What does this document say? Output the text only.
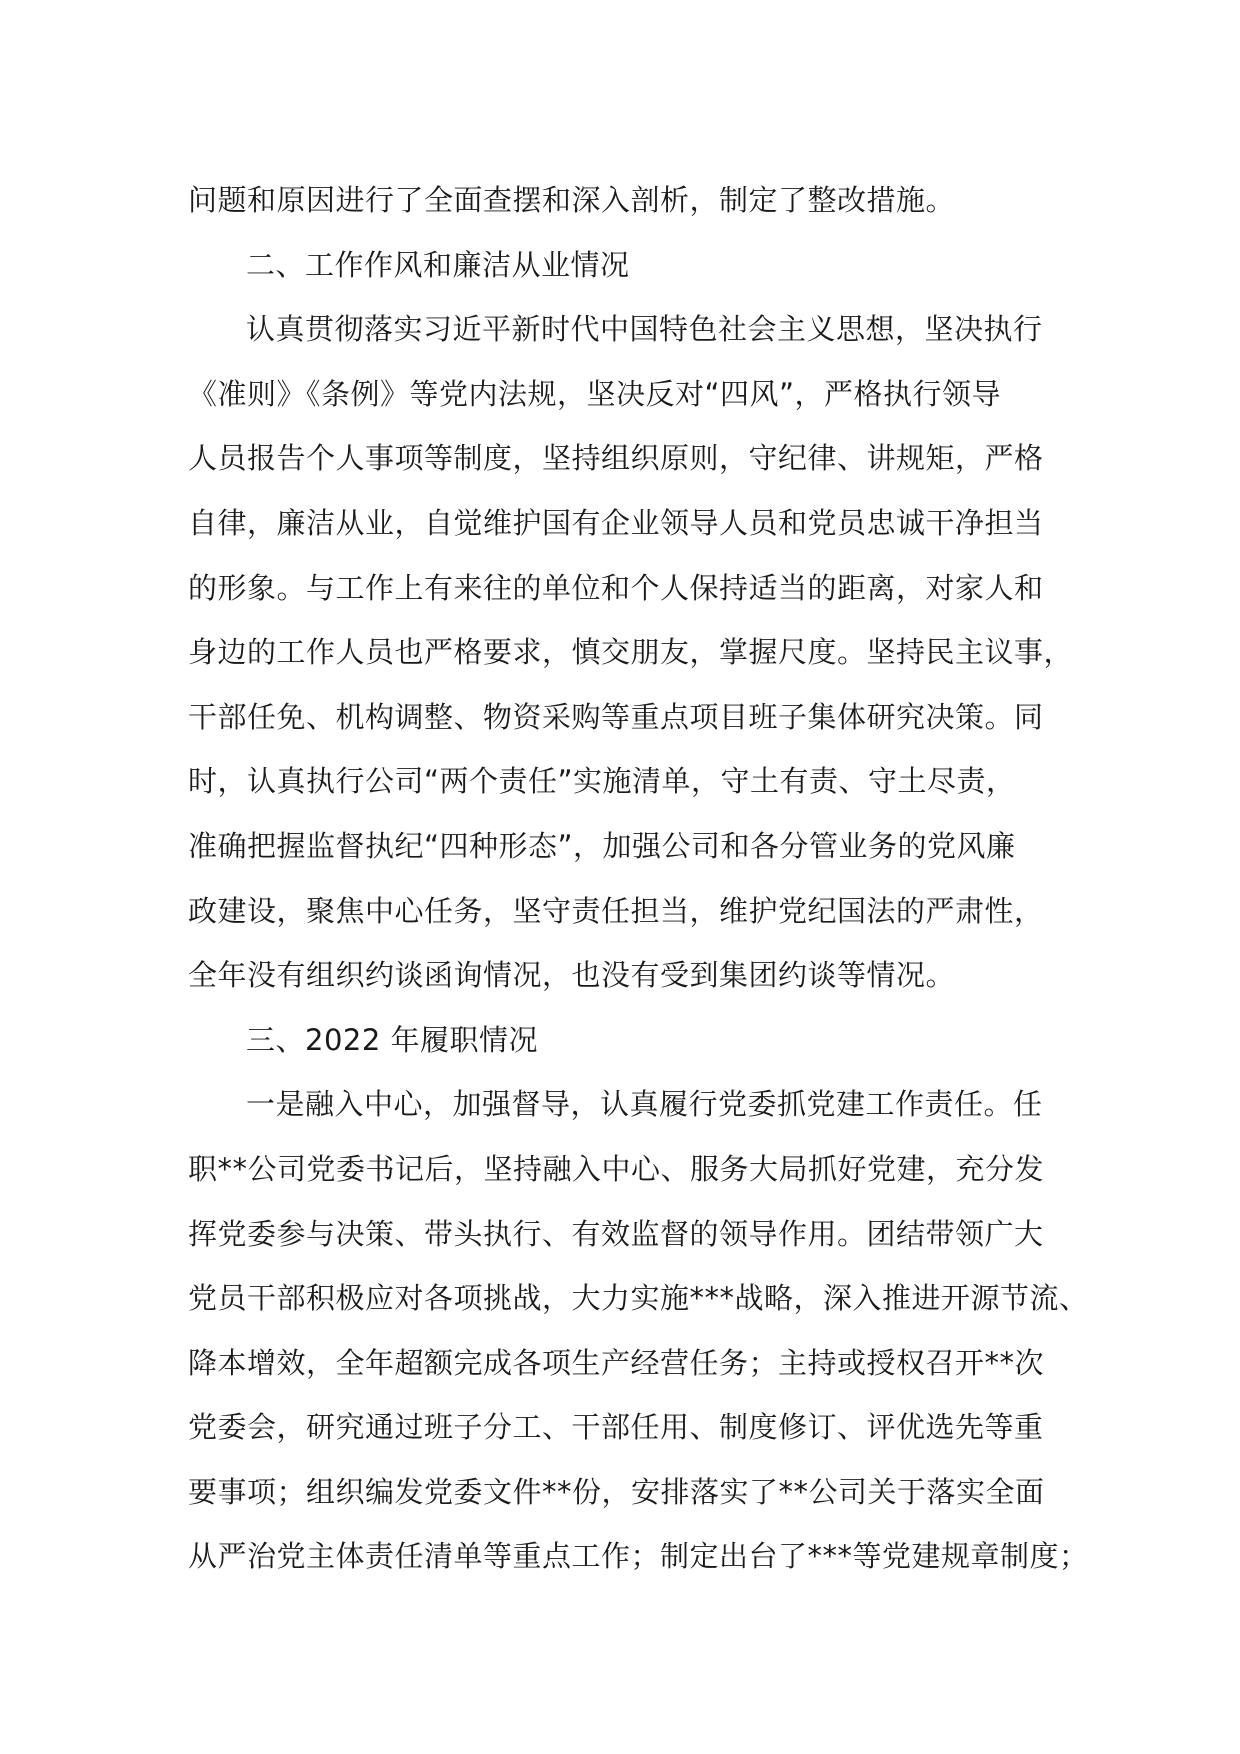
问题和原因进行了全面查摆和深入剖析，制定了整改措施。
二、工作作风和廉洁从业情况
认真贯彻落实习近平新时代中国特色社会主义思想，坚决执行
《准则》《条例》等党内法规，坚决反对“四风”，严格执行领导
人员报告个人事项等制度，坚持组织原则，守纪律、讲规矩，严格
自律，廉洁从业，自觉维护国有企业领导人员和党员忠诚干净担当
的形象。与工作上有来往的单位和个人保持适当的距离，对家人和
身边的工作人员也严格要求，慎交朋友，掌握尺度。坚持民主议事，
干部任免、机构调整、物资采购等重点项目班子集体研究决策。同
时，认真执行公司“两个责任”实施清单，守土有责、守土尽责，
准确把握监督执纪“四种形态”，加强公司和各分管业务的党风廉
政建设，聚焦中心任务，坚守责任担当，维护党纪国法的严肃性，
全年没有组织约谈函询情况，也没有受到集团约谈等情况。
三、2022 年履职情况
一是融入中心，加强督导，认真履行党委抓党建工作责任。任
职**公司党委书记后，坚持融入中心、服务大局抓好党建，充分发
挥党委参与决策、带头执行、有效监督的领导作用。团结带领广大
党员干部积极应对各项挑战，大力实施***战略，深入推进开源节流、
降本增效，全年超额完成各项生产经营任务；主持或授权召开**次
党委会，研究通过班子分工、干部任用、制度修订、评优选先等重
要事项；组织编发党委文件**份，安排落实了**公司关于落实全面
从严治党主体责任清单等重点工作；制定出台了***等党建规章制度；
